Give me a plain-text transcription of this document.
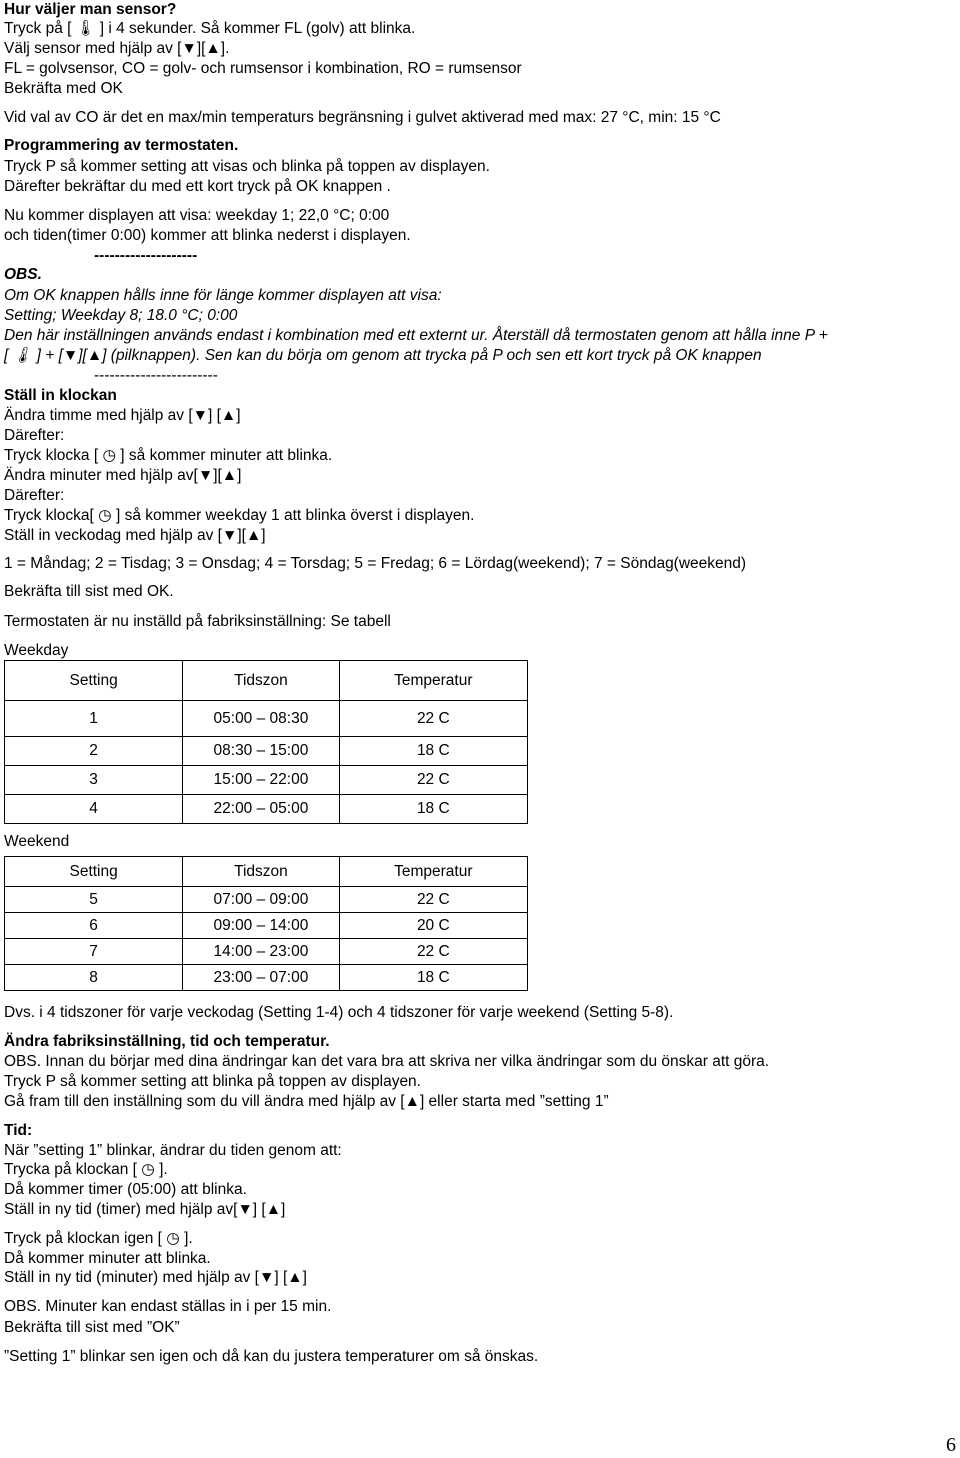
Hur väljer man sensor?
Tryck på [ 🌡 ] i 4 sekunder. Så kommer FL (golv) att blinka.
Välj sensor med hjälp av [▼][▲].
FL = golvsensor, CO = golv- och rumsensor i kombination, RO = rumsensor
Bekräfta med OK
Vid val av CO är det en max/min temperaturs begränsning i gulvet aktiverad med max: 27 °C, min: 15 °C
Programmering av termostaten.
Tryck P så kommer setting att visas och blinka på toppen av displayen.
Därefter bekräftar du med ett kort tryck på OK knappen .
Nu kommer displayen att visa: weekday 1; 22,0 °C; 0:00
och tiden(timer 0:00) kommer att blinka nederst i displayen.
--------------------
OBS.
Om OK knappen hålls inne för länge kommer displayen att visa:
Setting; Weekday 8; 18.0 °C; 0:00
Den här inställningen används endast i kombination med ett externt ur. Återställ då termostaten genom att hålla inne P +
[ 🌡 ] + [▼][▲] (pilknappen). Sen kan du börja om genom att trycka på P och sen ett kort tryck på OK knappen
------------------------
Ställ in klockan
Ändra timme med hjälp av [▼] [▲]
Därefter:
Tryck klocka [ ◷ ] så kommer minuter att blinka.
Ändra minuter med hjälp av[▼][▲]
Därefter:
Tryck klocka[ ◷ ] så kommer weekday 1 att blinka överst i displayen.
Ställ in veckodag med hjälp av [▼][▲]
1 = Måndag; 2 = Tisdag; 3 = Onsdag; 4 = Torsdag; 5 = Fredag; 6 = Lördag(weekend); 7 = Söndag(weekend)
Bekräfta till sist med OK.
Termostaten är nu inställd på fabriksinställning: Se tabell
Weekday
Setting	Tidszon	Temperatur
1	05:00 – 08:30	22 C
2	08:30 – 15:00	18 C
3	15:00 – 22:00	22 C
4	22:00 – 05:00	18 C
Weekend
Setting	Tidszon	Temperatur
5	07:00 – 09:00	22 C
6	09:00 – 14:00	20 C
7	14:00 – 23:00	22 C
8	23:00 – 07:00	18 C
Dvs. i 4 tidszoner för varje veckodag (Setting 1-4) och 4 tidszoner för varje weekend (Setting 5-8).
Ändra fabriksinställning, tid och temperatur.
OBS. Innan du börjar med dina ändringar kan det vara bra att skriva ner vilka ändringar som du önskar att göra.
Tryck P så kommer setting att blinka på toppen av displayen.
Gå fram till den inställning som du vill ändra med hjälp av [▲] eller starta med ”setting 1”
Tid:
När ”setting 1” blinkar, ändrar du tiden genom att:
Trycka på klockan [ ◷ ].
Då kommer timer (05:00) att blinka.
Ställ in ny tid (timer) med hjälp av[▼] [▲]
Tryck på klockan igen [ ◷ ].
Då kommer minuter att blinka.
Ställ in ny tid (minuter) med hjälp av [▼] [▲]
OBS. Minuter kan endast ställas in i per 15 min.
Bekräfta till sist med ”OK”
”Setting 1” blinkar sen igen och då kan du justera temperaturer om så önskas.
6
